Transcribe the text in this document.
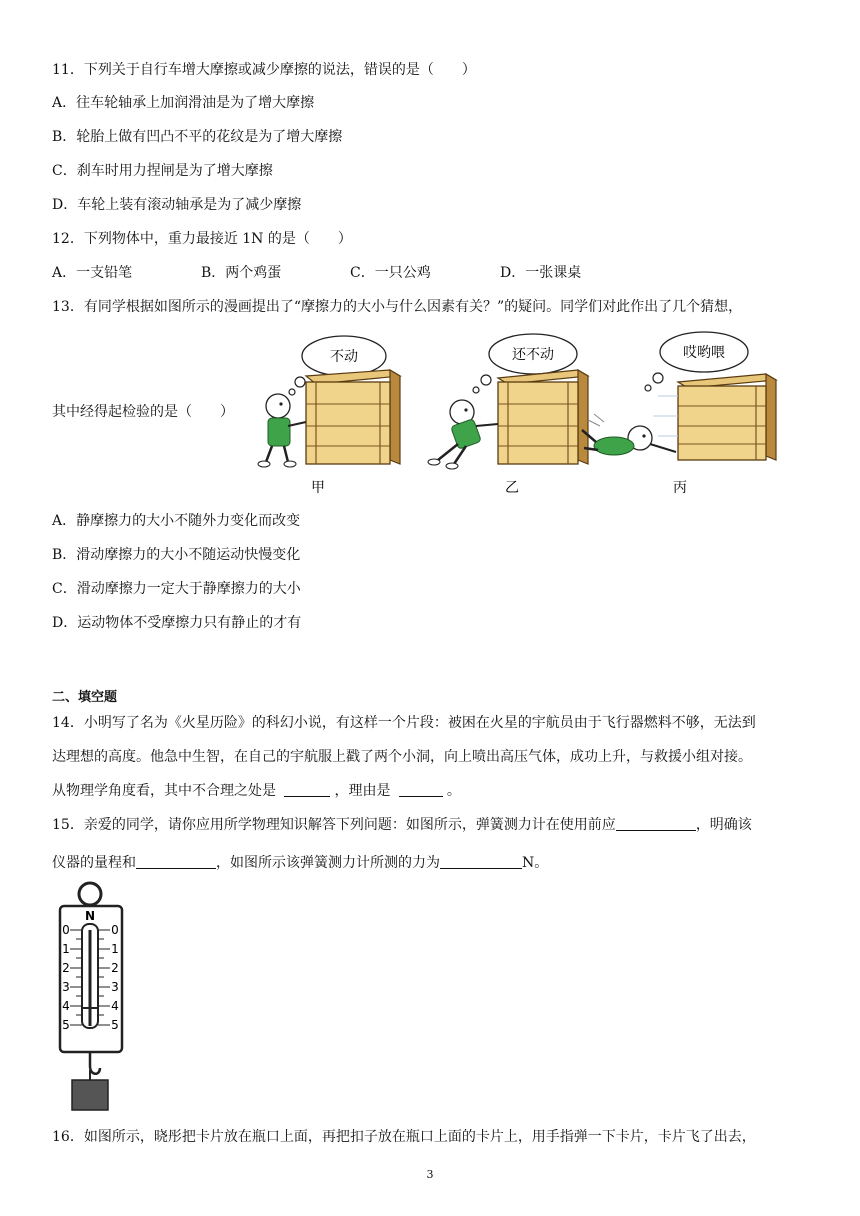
11．下列关于自行车增大摩擦或减少摩擦的说法，错误的是（　　）
A．往车轮轴承上加润滑油是为了增大摩擦
B．轮胎上做有凹凸不平的花纹是为了增大摩擦
C．刹车时用力捏闸是为了增大摩擦
D．车轮上装有滚动轴承是为了减少摩擦
12．下列物体中，重力最接近 1N 的是（　　）
A．一支铅笔	B．两个鸡蛋	C．一只公鸡	D．一张课桌
13．有同学根据如图所示的漫画提出了“摩擦力的大小与什么因素有关？”的疑问。同学们对此作出了几个猜想，
其中经得起检验的是（　　）
不动
甲
还不动
乙
哎哟喂
丙
A．静摩擦力的大小不随外力变化而改变
B．滑动摩擦力的大小不随运动快慢变化
C．滑动摩擦力一定大于静摩擦力的大小
D．运动物体不受摩擦力只有静止的才有
二、填空题
14．小明写了名为《火星历险》的科幻小说，有这样一个片段：被困在火星的宇航员由于飞行器燃料不够，无法到
达理想的高度。他急中生智，在自己的宇航服上戳了两个小洞，向上喷出高压气体，成功上升，与救援小组对接。
从物理学角度看，其中不合理之处是	，理由是	。
15．亲爱的同学，请你应用所学物理知识解答下列问题：如图所示，弹簧测力计在使用前应	，明确该
仪器的量程和	，如图所示该弹簧测力计所测的力为	N。
N
0
1
2
3
4
5
0
1
2
3
4
5
16．如图所示，晓彤把卡片放在瓶口上面，再把扣子放在瓶口上面的卡片上，用手指弹一下卡片，卡片飞了出去，
3
